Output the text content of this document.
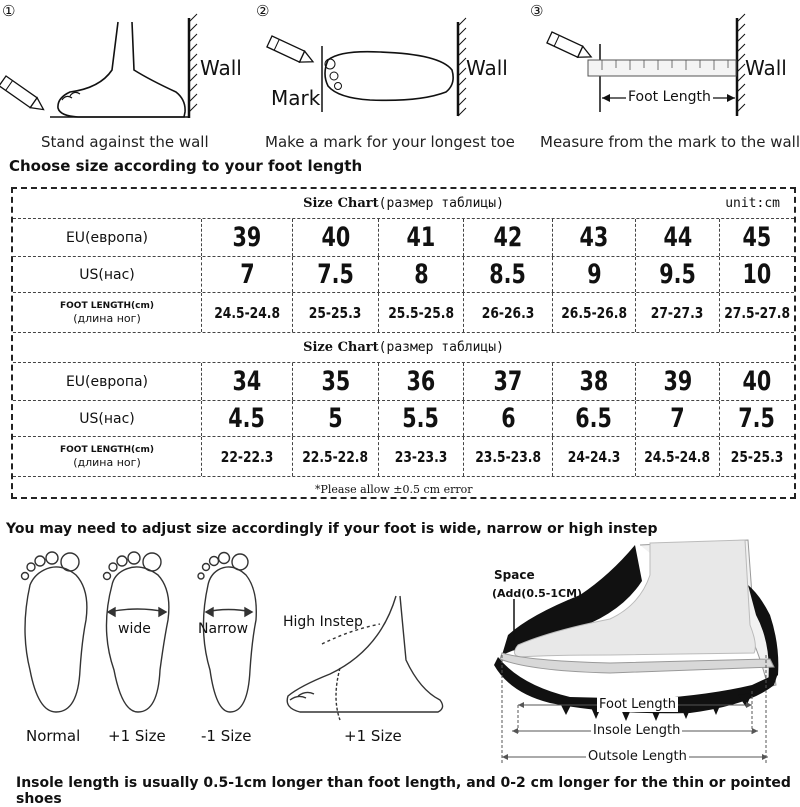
①
Wall
Stand against the wall
②
Mark
Wall
Make a mark for your longest toe
③
Foot Length
Wall
Measure from the mark to the wall
Choose size according to your foot length
Size Chart (размер таблицы)	unit:cm
EU(европа)	39 40 41 42 43 44 45
US(нас)	7 7.5 8 8.5 9 9.5 10
FOOT LENGTH(cm)
(длина ног)	24.5-24.8 25-25.3 25.5-25.8 26-26.3 26.5-26.8 27-27.3 27.5-27.8
Size Chart (размер таблицы)
EU(европа)	34 35 36 37 38 39 40
US(нас)	4.5 5 5.5 6 6.5 7 7.5
FOOT LENGTH(cm)
(длина ног)	22-22.3 22.5-22.8 23-23.3 23.5-23.8 24-24.3 24.5-24.8 25-25.3
*Please allow ±0.5 cm error
You may need to adjust size accordingly if your foot is wide, narrow or high instep
wide	Narrow High Instep
Normal +1 Size -1 Size	+1 Size
Space
(Add(0.5-1CM)
Foot Length
Insole Length
Outsole Length
Insole length is usually 0.5-1cm longer than foot length, and 0-2 cm longer for the thin or pointed shoes
